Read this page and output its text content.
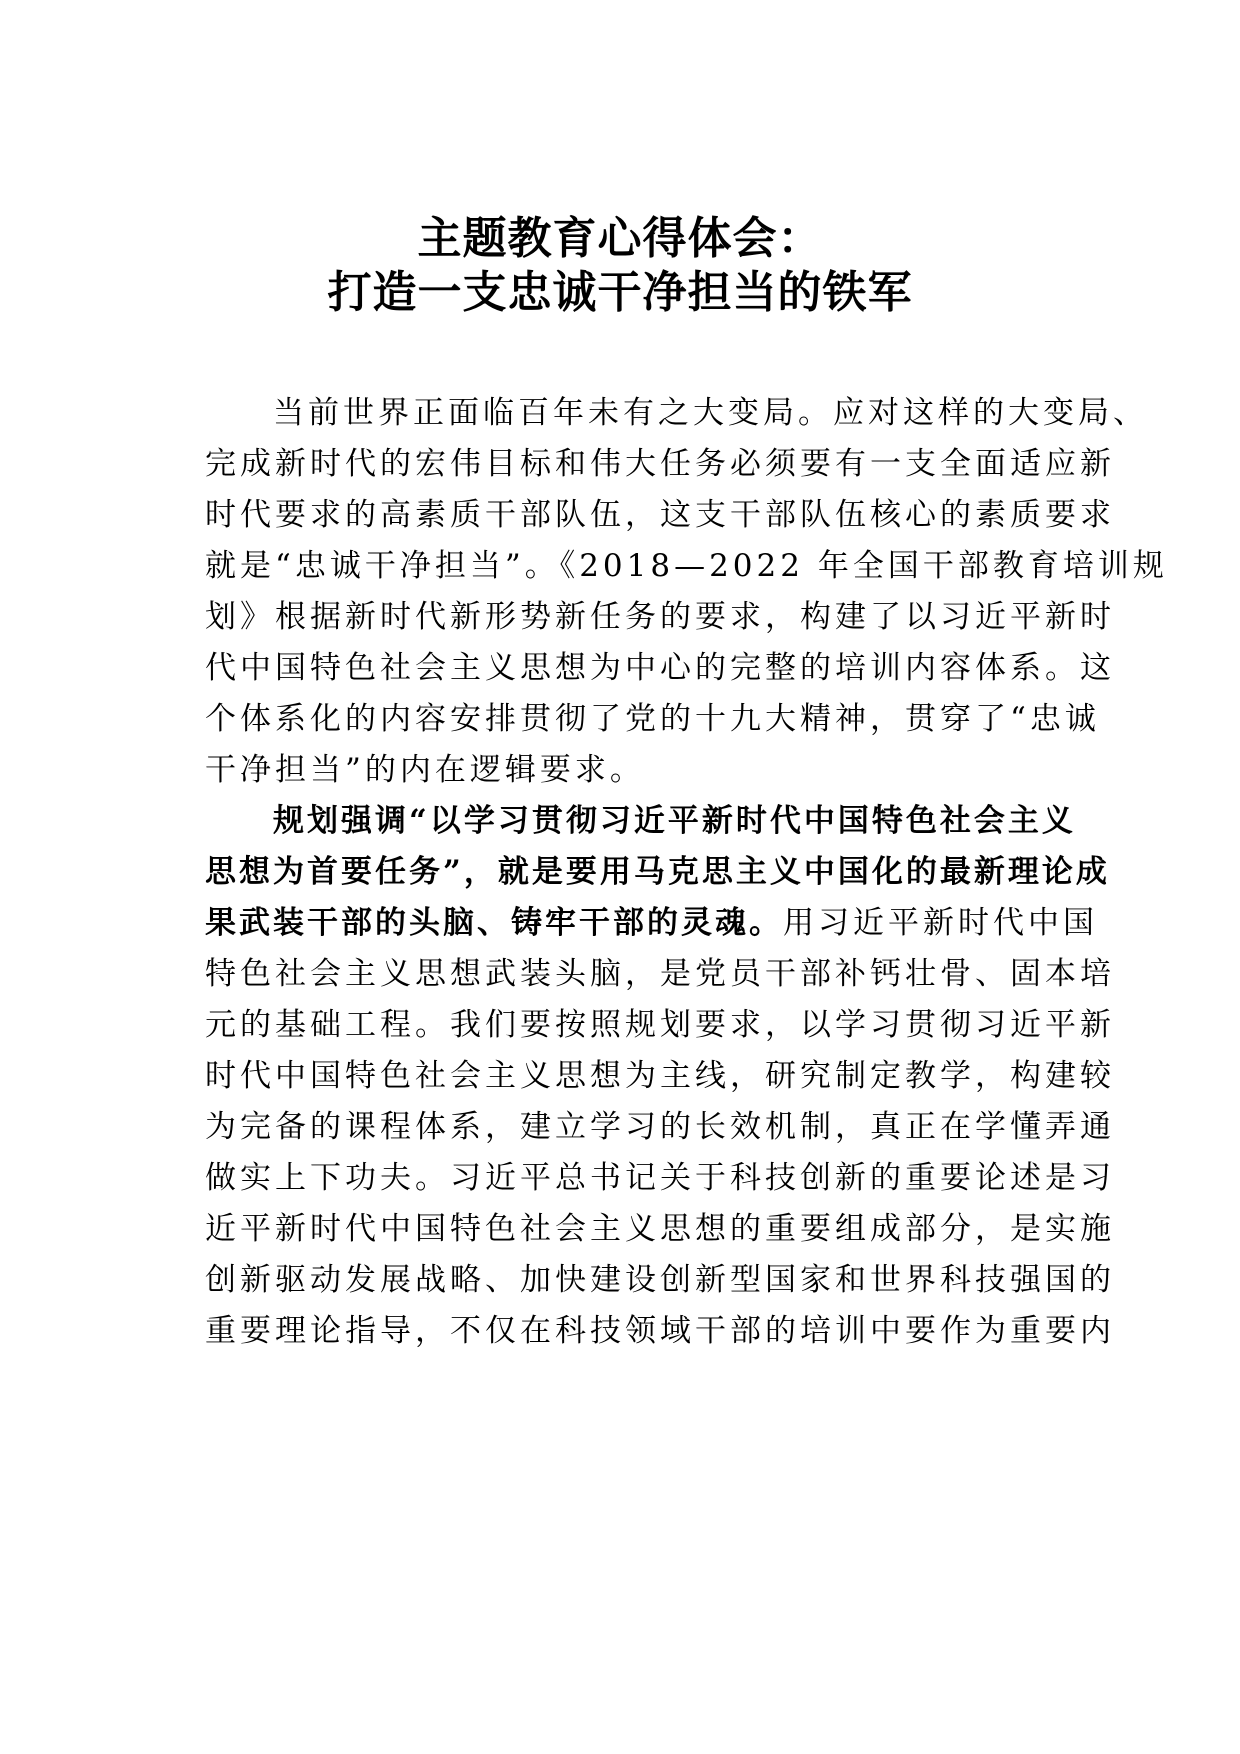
主题教育心得体会：
打造一支忠诚干净担当的铁军
当前世界正面临百年未有之大变局。应对这样的大变局、
完成新时代的宏伟目标和伟大任务必须要有一支全面适应新
时代要求的高素质干部队伍，这支干部队伍核心的素质要求
就是“忠诚干净担当”。《2018—2022 年全国干部教育培训规
划》根据新时代新形势新任务的要求，构建了以习近平新时
代中国特色社会主义思想为中心的完整的培训内容体系。这
个体系化的内容安排贯彻了党的十九大精神，贯穿了“忠诚
干净担当”的内在逻辑要求。
规划强调“以学习贯彻习近平新时代中国特色社会主义
思想为首要任务”，就是要用马克思主义中国化的最新理论成
果武装干部的头脑、铸牢干部的灵魂。用习近平新时代中国
特色社会主义思想武装头脑，是党员干部补钙壮骨、固本培
元的基础工程。我们要按照规划要求，以学习贯彻习近平新
时代中国特色社会主义思想为主线，研究制定教学，构建较
为完备的课程体系，建立学习的长效机制，真正在学懂弄通
做实上下功夫。习近平总书记关于科技创新的重要论述是习
近平新时代中国特色社会主义思想的重要组成部分，是实施
创新驱动发展战略、加快建设创新型国家和世界科技强国的
重要理论指导，不仅在科技领域干部的培训中要作为重要内
